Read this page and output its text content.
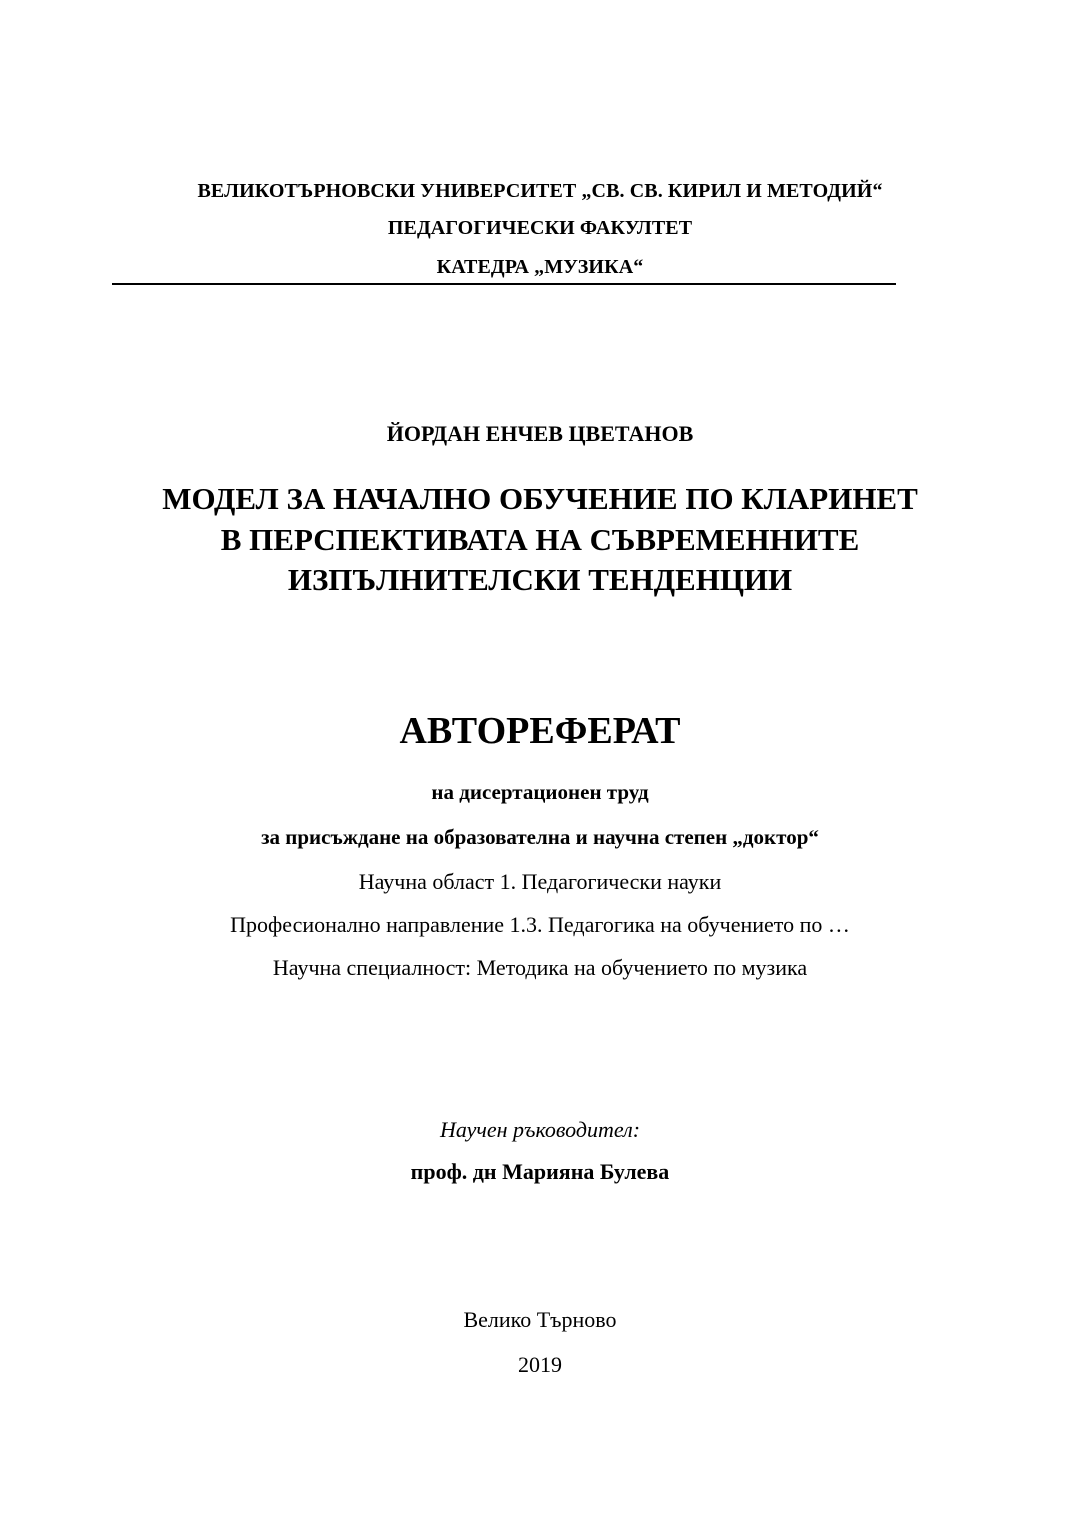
ВЕЛИКОТЪРНОВСКИ УНИВЕРСИТЕТ „СВ. СВ. КИРИЛ И МЕТОДИЙ“
ПЕДАГОГИЧЕСКИ ФАКУЛТЕТ
КАТЕДРА „МУЗИКА“
ЙОРДАН ЕНЧЕВ ЦВЕТАНОВ
МОДЕЛ ЗА НАЧАЛНО ОБУЧЕНИЕ ПО КЛАРИНЕТ
В ПЕРСПЕКТИВАТА НА СЪВРЕМЕННИТЕ
ИЗПЪЛНИТЕЛСКИ ТЕНДЕНЦИИ
АВТОРЕФЕРАТ
на дисертационен труд
за присъждане на образователна и научна степен „доктор“
Научна област 1. Педагогически науки
Професионално направление 1.3. Педагогика на обучението по …
Научна специалност: Методика на обучението по музика
Научен ръководител:
проф. дн Марияна Булева
Велико Търново
2019
